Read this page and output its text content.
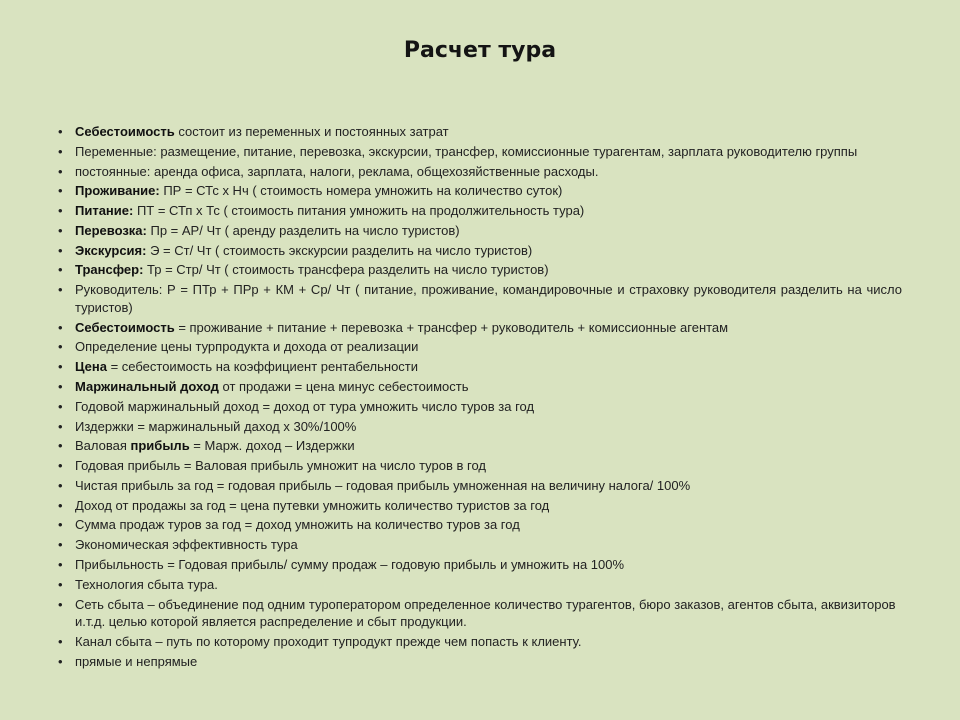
Расчет тура
• Себестоимость состоит из переменных и постоянных затрат
• Переменные: размещение, питание, перевозка, экскурсии, трансфер, комиссионные турагентам, зарплата руководителю группы
• постоянные: аренда офиса, зарплата, налоги, реклама, общехозяйственные расходы.
• Проживание: ПР = СТс х Нч ( стоимость номера умножить на количество суток)
• Питание: ПТ = СТп х Тс ( стоимость питания умножить на продолжительность тура)
• Перевозка: Пр = АР/ Чт ( аренду разделить на число туристов)
• Экскурсия: Э = Ст/ Чт ( стоимость экскурсии разделить на число туристов)
• Трансфер: Тр = Стр/ Чт ( стоимость трансфера разделить на число туристов)
• Руководитель: Р = ПТр + ПРр + КМ + Ср/ Чт ( питание, проживание, командировочные и страховку руководителя разделить на число туристов)
• Себестоимость = проживание + питание + перевозка + трансфер + руководитель + комиссионные агентам
• Определение цены турпродукта и дохода от реализации
• Цена = себестоимость на коэффициент рентабельности
• Маржинальный доход от продажи = цена минус себестоимость
• Годовой маржинальный доход = доход от тура умножить число туров за год
• Издержки = маржинальный даход х 30%/100%
• Валовая прибыль = Марж. доход – Издержки
• Годовая прибыль = Валовая прибыль умножит на число туров в год
• Чистая прибыль за год = годовая прибыль – годовая прибыль умноженная на величину налога/ 100%
• Доход от продажы за год = цена путевки умножить количество туристов за год
• Сумма продаж туров за год = доход умножить на количество туров за год
• Экономическая эффективность тура
• Прибыльность = Годовая прибыль/ сумму продаж – годовую прибыль и умножить на 100%
• Технология сбыта тура.
• Сеть сбыта – объединение под одним туроператором определенное количество турагентов, бюро заказов, агентов сбыта, аквизиторов и.т.д. целью которой является распределение и сбыт продукции.
• Канал сбыта – путь по которому проходит тупродукт прежде чем попасть к клиенту.
• прямые и непрямые
